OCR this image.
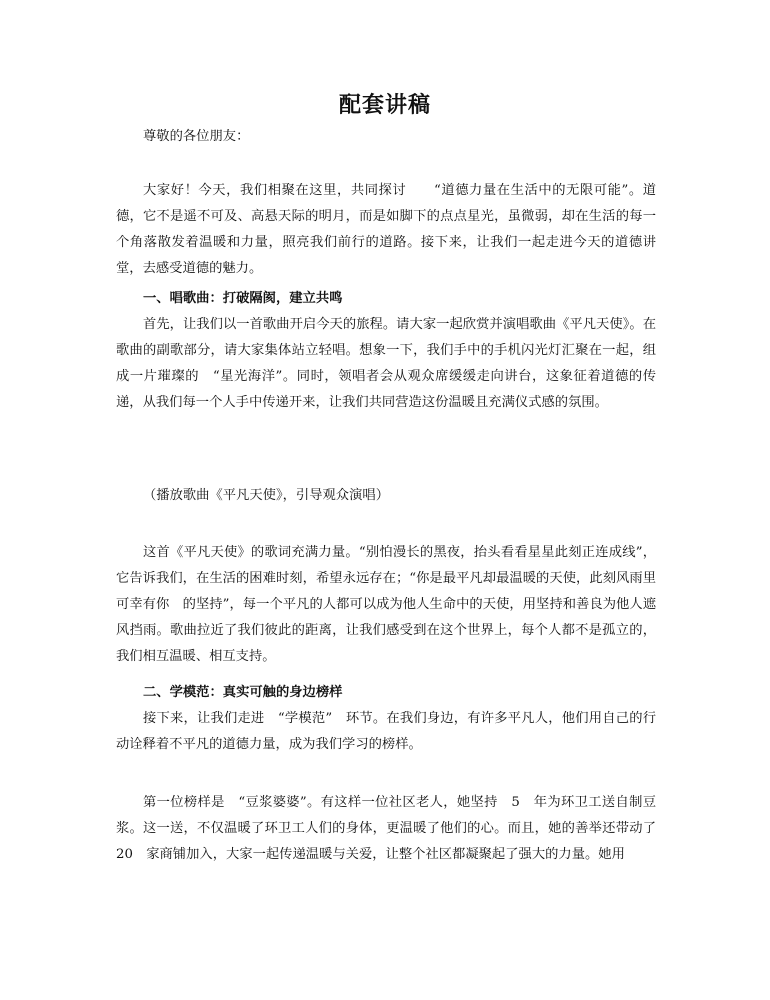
配套讲稿

尊敬的各位朋友：

大家好！今天，我们相聚在这里，共同探讨　　“道德力量在生活中的无限可能”。道德，它不是遥不可及、高悬天际的明月，而是如脚下的点点星光，虽微弱，却在生活的每一个角落散发着温暖和力量，照亮我们前行的道路。接下来，让我们一起走进今天的道德讲堂，去感受道德的魅力。

一、唱歌曲：打破隔阂，建立共鸣

首先，让我们以一首歌曲开启今天的旅程。请大家一起欣赏并演唱歌曲《平凡天使》。在歌曲的副歌部分，请大家集体站立轻唱。想象一下，我们手中的手机闪光灯汇聚在一起，组成一片璀璨的　“星光海洋”。同时，领唱者会从观众席缓缓走向讲台，这象征着道德的传递，从我们每一个人手中传递开来，让我们共同营造这份温暖且充满仪式感的氛围。

（播放歌曲《平凡天使》，引导观众演唱）

这首《平凡天使》的歌词充满力量。“别怕漫长的黑夜，抬头看看星星此刻正连成线”，它告诉我们，在生活的困难时刻，希望永远存在；“你是最平凡却最温暖的天使，此刻风雨里可幸有你　的坚持”，每一个平凡的人都可以成为他人生命中的天使，用坚持和善良为他人遮风挡雨。歌曲拉近了我们彼此的距离，让我们感受到在这个世界上，每个人都不是孤立的，我们相互温暖、相互支持。

二、学模范：真实可触的身边榜样

接下来，让我们走进　“学模范”　环节。在我们身边，有许多平凡人，他们用自己的行动诠释着不平凡的道德力量，成为我们学习的榜样。

第一位榜样是　“豆浆婆婆”。有这样一位社区老人，她坚持　5　年为环卫工送自制豆浆。这一送，不仅温暖了环卫工人们的身体，更温暖了他们的心。而且，她的善举还带动了　20　家商铺加入，大家一起传递温暖与关爱，让整个社区都凝聚起了强大的力量。她用
